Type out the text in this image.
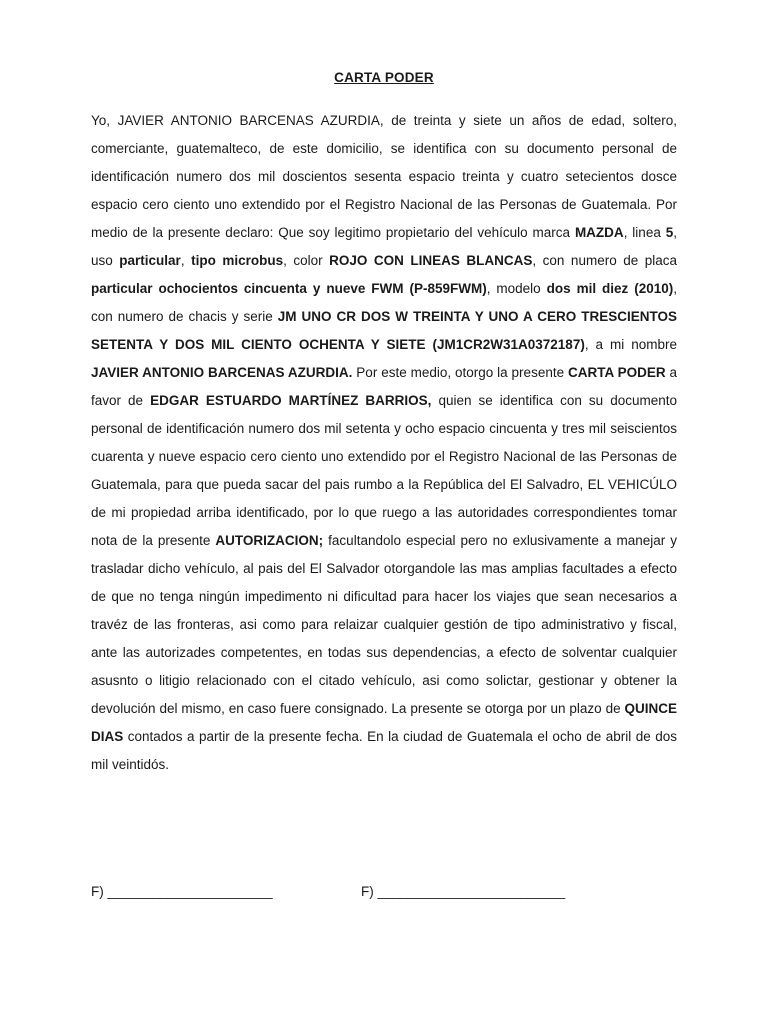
CARTA PODER

Yo, JAVIER ANTONIO BARCENAS AZURDIA, de treinta y siete un años de edad, soltero, comerciante, guatemalteco, de este domicilio, se identifica con su documento personal de identificación numero dos mil doscientos sesenta espacio treinta y cuatro setecientos dosce espacio cero ciento uno extendido por el Registro Nacional de las Personas de Guatemala. Por medio de la presente declaro: Que soy legitimo propietario del vehículo marca MAZDA, linea 5, uso particular, tipo microbus, color ROJO CON LINEAS BLANCAS, con numero de placa particular ochocientos cincuenta y nueve FWM (P-859FWM), modelo dos mil diez (2010), con numero de chacis y serie JM UNO CR DOS W TREINTA Y UNO A CERO TRESCIENTOS SETENTA Y DOS MIL CIENTO OCHENTA Y SIETE (JM1CR2W31A0372187), a mi nombre JAVIER ANTONIO BARCENAS AZURDIA. Por este medio, otorgo la presente CARTA PODER a favor de EDGAR ESTUARDO MARTÍNEZ BARRIOS, quien se identifica con su documento personal de identificación numero dos mil setenta y ocho espacio cincuenta y tres mil seiscientos cuarenta y nueve espacio cero ciento uno extendido por el Registro Nacional de las Personas de Guatemala, para que pueda sacar del pais rumbo a la República del El Salvadro, EL VEHICÚLO de mi propiedad arriba identificado, por lo que ruego a las autoridades correspondientes tomar nota de la presente AUTORIZACION; facultandolo especial pero no exlusivamente a manejar y trasladar dicho vehículo, al pais del El Salvador otorgandole las mas amplias facultades a efecto de que no tenga ningún impedimento ni dificultad para hacer los viajes que sean necesarios a travéz de las fronteras, asi como para relaizar cualquier gestión de tipo administrativo y fiscal, ante las autorizades competentes, en todas sus dependencias, a efecto de solventar cualquier asusnto o litigio relacionado con el citado vehículo, asi como solictar, gestionar y obtener la devolución del mismo, en caso fuere consignado. La presente se otorga por un plazo de QUINCE DIAS contados a partir de la presente fecha. En la ciudad de Guatemala el ocho de abril de dos mil veintidós.

F) ______________________	F) _________________________
